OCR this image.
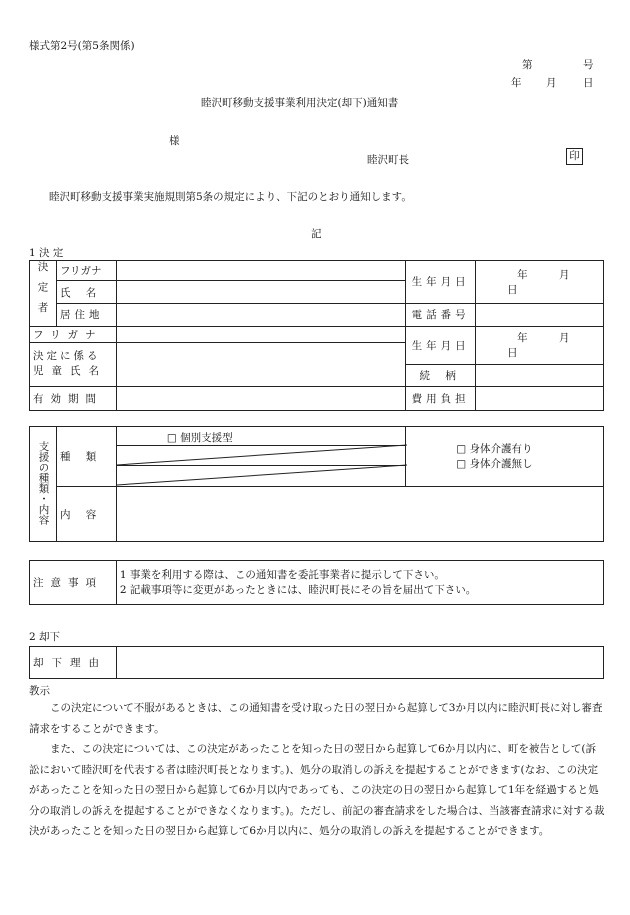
様式第2号(第5条関係)
第	号
年 月	日
睦沢町移動支援事業利用決定(却下)通知書
様
睦沢町長	印
睦沢町移動支援事業実施規則第5条の規定により、下記のとおり通知します。
記
1 決 定
決定者	フリガナ		生年月日	年 月 日
	氏 名			
	居住地		電話番号	
フリガナ			生年月日	年 月 日

決定に係る
児童氏名				

			続 柄	
有効期間			費用負担	
支援の種類・内容	種 類	□ 個別支援型	□ 身体介護有り
□ 身体介護無し

	内 容		
注意事項	
1 事業を利用する際は、この通知書を委託事業者に提示して下さい。
2 記載事項等に変更があったときには、睦沢町長にその旨を届出て下さい。
2 却下
却下理由	
教示
この決定について不服があるときは、この通知書を受け取った日の翌日から起算して3か月以内に睦沢町長に対し審査請求をすることができます。
また、この決定については、この決定があったことを知った日の翌日から起算して6か月以内に、町を被告として(訴訟において睦沢町を代表する者は睦沢町長となります。)、処分の取消しの訴えを提起することができます(なお、この決定があったことを知った日の翌日から起算して6か月以内であっても、この決定の日の翌日から起算して1年を経過すると処分の取消しの訴えを提起することができなくなります。)。ただし、前記の審査請求をした場合は、当該審査請求に対する裁決があったことを知った日の翌日から起算して6か月以内に、処分の取消しの訴えを提起することができます。
